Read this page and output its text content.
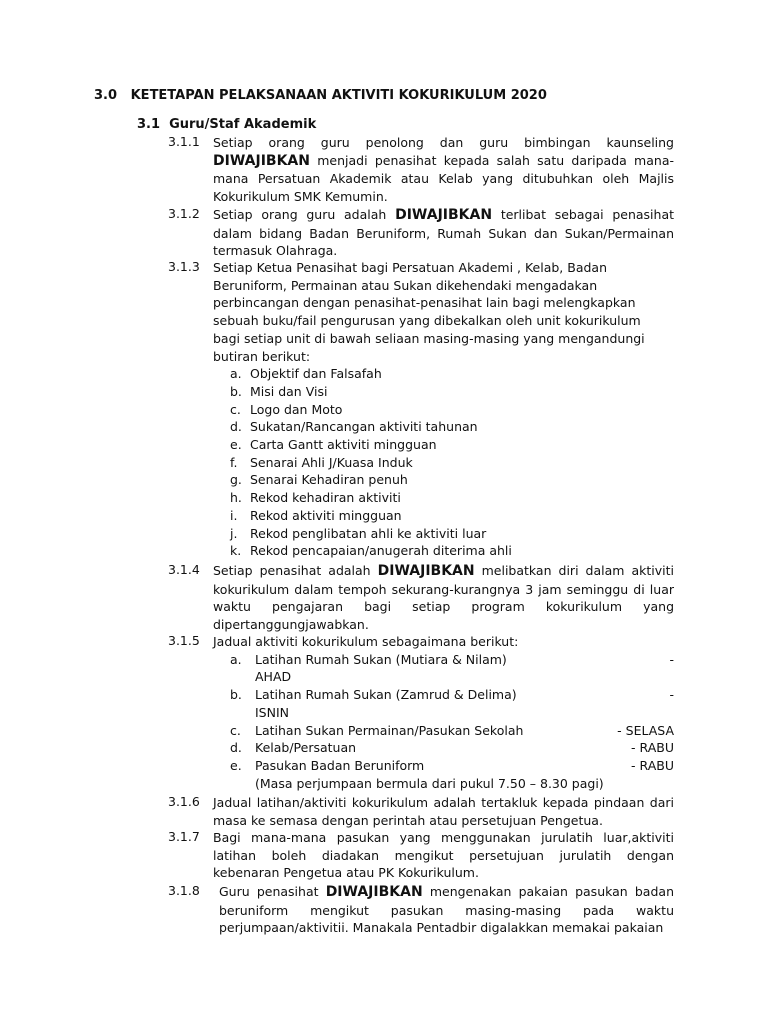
3.0 KETETAPAN PELAKSANAAN AKTIVITI KOKURIKULUM 2020
3.1 Guru/Staf Akademik
3.1.1 Setiap orang guru penolong dan guru bimbingan kaunseling DIWAJIBKAN menjadi penasihat kepada salah satu daripada mana-mana Persatuan Akademik atau Kelab yang ditubuhkan oleh Majlis Kokurikulum SMK Kemumin.
3.1.2 Setiap orang guru adalah DIWAJIBKAN terlibat sebagai penasihat dalam bidang Badan Beruniform, Rumah Sukan dan Sukan/Permainan termasuk Olahraga.
3.1.3 Setiap Ketua Penasihat bagi Persatuan Akademi , Kelab, Badan
Beruniform, Permainan atau Sukan dikehendaki mengadakan
perbincangan dengan penasihat-penasihat lain bagi melengkapkan
sebuah buku/fail pengurusan yang dibekalkan oleh unit kokurikulum
bagi setiap unit di bawah seliaan masing-masing yang mengandungi
butiran berikut:
a. Objektif dan Falsafah
b. Misi dan Visi
c. Logo dan Moto
d. Sukatan/Rancangan aktiviti tahunan
e. Carta Gantt aktiviti mingguan
f. Senarai Ahli J/Kuasa Induk
g. Senarai Kehadiran penuh
h. Rekod kehadiran aktiviti
i. Rekod aktiviti mingguan
j. Rekod penglibatan ahli ke aktiviti luar
k. Rekod pencapaian/anugerah diterima ahli
3.1.4 Setiap penasihat adalah DIWAJIBKAN melibatkan diri dalam aktiviti kokurikulum dalam tempoh sekurang-kurangnya 3 jam seminggu di luar waktu pengajaran bagi setiap program kokurikulum yang dipertanggungjawabkan.
3.1.5 Jadual aktiviti kokurikulum sebagaimana berikut:
a. Latihan Rumah Sukan (Mutiara & Nilam)	-
AHAD
b. Latihan Rumah Sukan (Zamrud & Delima)	-
ISNIN
c. Latihan Sukan Permainan/Pasukan Sekolah	- SELASA
d. Kelab/Persatuan	- RABU
e. Pasukan Badan Beruniform	- RABU
(Masa perjumpaan bermula dari pukul 7.50 – 8.30 pagi)
3.1.6 Jadual latihan/aktiviti kokurikulum adalah tertakluk kepada pindaan dari masa ke semasa dengan perintah atau persetujuan Pengetua.
3.1.7 Bagi mana-mana pasukan yang menggunakan jurulatih luar,aktiviti latihan boleh diadakan mengikut persetujuan jurulatih dengan kebenaran Pengetua atau PK Kokurikulum.
3.1.8 Guru penasihat DIWAJIBKAN mengenakan pakaian pasukan badan beruniform mengikut pasukan masing-masing pada waktu perjumpaan/aktivitii. Manakala Pentadbir digalakkan memakai pakaian
